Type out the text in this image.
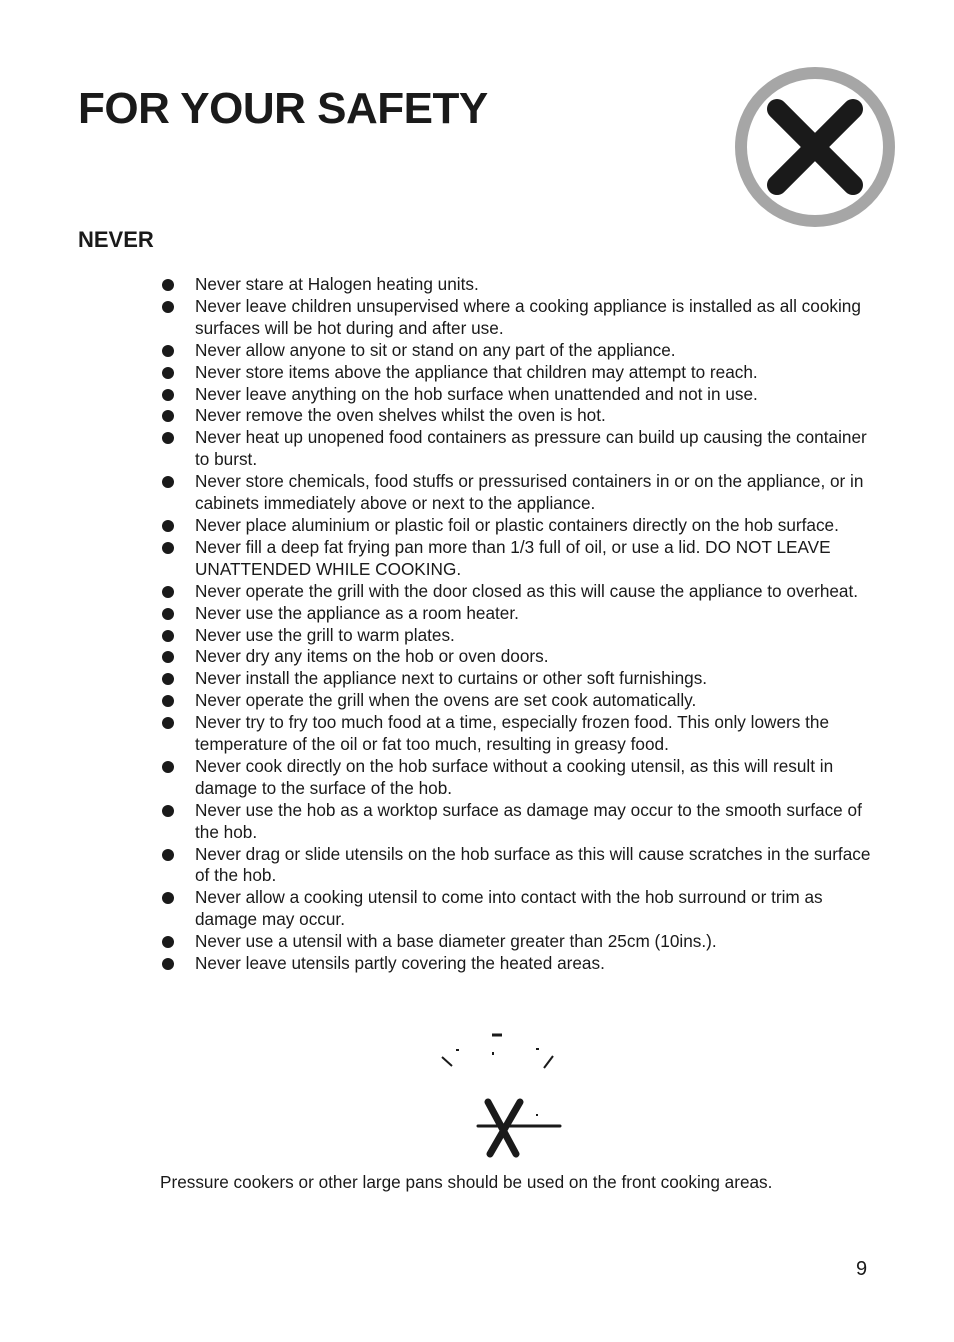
FOR YOUR SAFETY
NEVER
Never stare at Halogen heating units.
Never leave children unsupervised where a cooking appliance is installed as all cooking surfaces will be hot during and after use.
Never allow anyone to sit or stand on any part of the appliance.
Never store items above the appliance that children may attempt to reach.
Never leave anything on the hob surface when unattended and not in use.
Never remove the oven shelves whilst the oven is hot.
Never heat up unopened food containers as pressure can build up causing the container to burst.
Never store chemicals, food stuffs or pressurised containers in or on the appliance, or in cabinets immediately above or next to the appliance.
Never place aluminium or plastic foil or plastic containers directly on the hob surface.
Never fill a deep fat frying pan more than 1/3 full of oil, or use a lid. DO NOT LEAVE UNATTENDED WHILE COOKING.
Never operate the grill with the door closed as this will cause the appliance to overheat.
Never use the appliance as a room heater.
Never use the grill to warm plates.
Never dry any items on the hob or oven doors.
Never install the appliance next to curtains or other soft furnishings.
Never operate the grill when the ovens are set cook automatically.
Never try to fry too much food at a time, especially frozen food. This only lowers the temperature of the oil or fat too much, resulting in greasy food.
Never cook directly on the hob surface without a cooking utensil, as this will result in damage to the surface of the hob.
Never use the hob as a worktop surface as damage may occur to the smooth surface of the hob.
Never drag or slide utensils on the hob surface as this will cause scratches in the surface of the hob.
Never allow a cooking utensil to come into contact with the hob surround or trim as damage may occur.
Never use a utensil with a base diameter greater than 25cm (10ins.).
Never leave utensils partly covering the heated areas.

Pressure cookers or other large pans should be used on the front cooking areas.

9
